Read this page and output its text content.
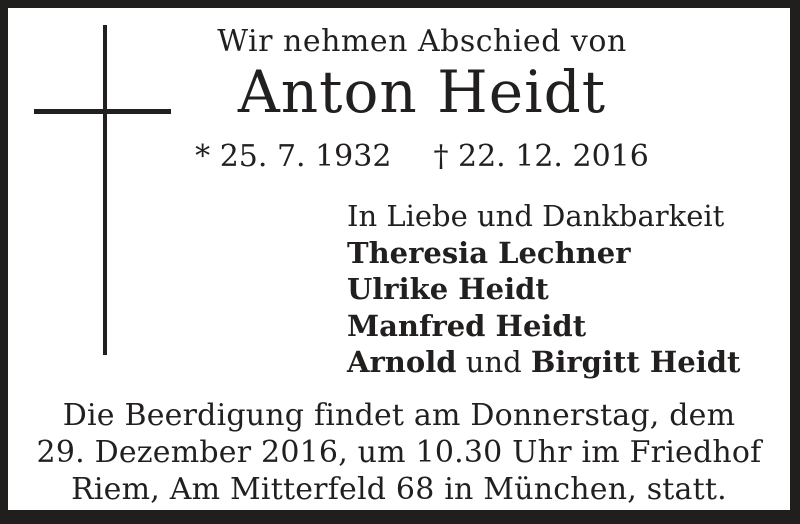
Wir nehmen Abschied von
Anton Heidt
* 25. 7. 1932 † 22. 12. 2016
In Liebe und Dankbarkeit
Theresia Lechner
Ulrike Heidt
Manfred Heidt
Arnold und Birgitt Heidt
Die Beerdigung findet am Donnerstag, dem
29. Dezember 2016, um 10.30 Uhr im Friedhof
Riem, Am Mitterfeld 68 in München, statt.
